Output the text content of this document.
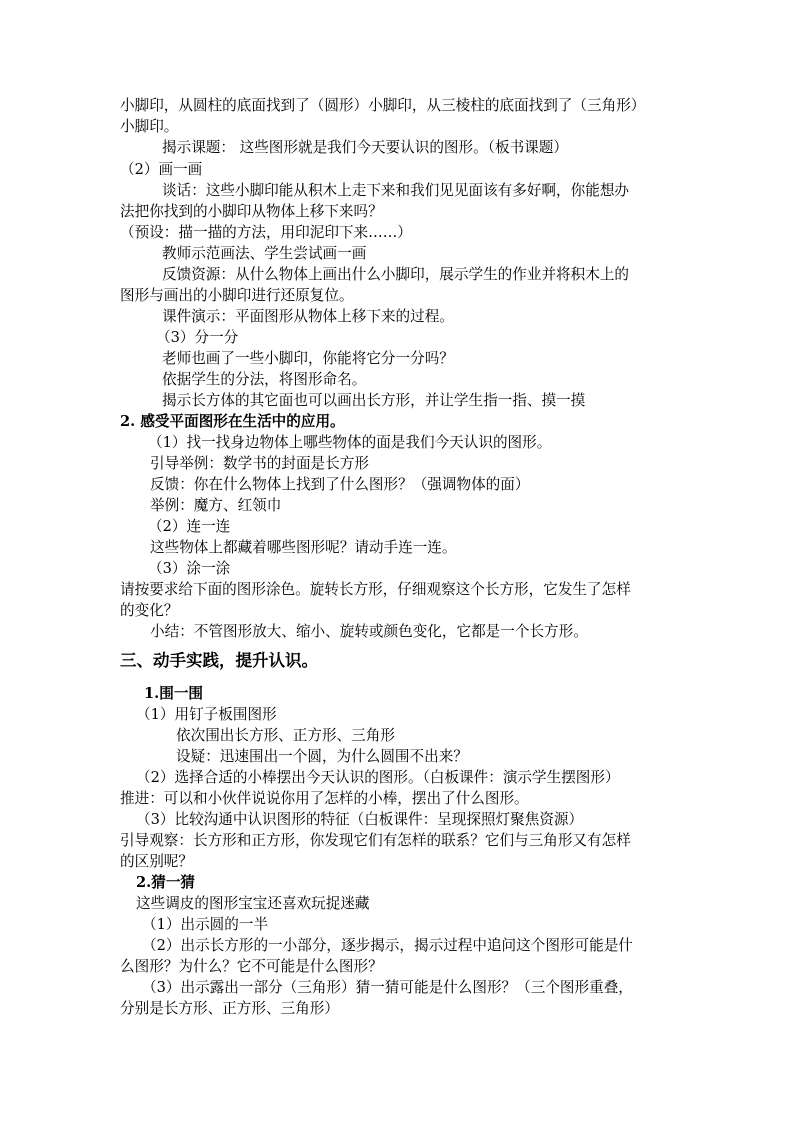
小脚印，从圆柱的底面找到了（圆形）小脚印，从三棱柱的底面找到了（三角形）
小脚印。
揭示课题： 这些图形就是我们今天要认识的图形。（板书课题）
（2）画一画
谈话：这些小脚印能从积木上走下来和我们见见面该有多好啊，你能想办
法把你找到的小脚印从物体上移下来吗？
（预设：描一描的方法，用印泥印下来……）
教师示范画法、学生尝试画一画
反馈资源：从什么物体上画出什么小脚印，展示学生的作业并将积木上的
图形与画出的小脚印进行还原复位。
课件演示：平面图形从物体上移下来的过程。
（3）分一分
老师也画了一些小脚印，你能将它分一分吗？
依据学生的分法，将图形命名。
揭示长方体的其它面也可以画出长方形，并让学生指一指、摸一摸
2. 感受平面图形在生活中的应用。
（1）找一找身边物体上哪些物体的面是我们今天认识的图形。
引导举例：数学书的封面是长方形
反馈：你在什么物体上找到了什么图形？（强调物体的面）
举例：魔方、红领巾
（2）连一连
这些物体上都藏着哪些图形呢？请动手连一连。
（3）涂一涂
请按要求给下面的图形涂色。旋转长方形，仔细观察这个长方形，它发生了怎样
的变化？
小结：不管图形放大、缩小、旋转或颜色变化，它都是一个长方形。
三、动手实践，提升认识。
1.围一围
（1）用钉子板围图形
依次围出长方形、正方形、三角形
设疑：迅速围出一个圆，为什么圆围不出来？
（2）选择合适的小棒摆出今天认识的图形。（白板课件：演示学生摆图形）
推进：可以和小伙伴说说你用了怎样的小棒，摆出了什么图形。
（3）比较沟通中认识图形的特征（白板课件：呈现探照灯聚焦资源）
引导观察：长方形和正方形，你发现它们有怎样的联系？它们与三角形又有怎样
的区别呢？
2.猜一猜
这些调皮的图形宝宝还喜欢玩捉迷藏
（1）出示圆的一半
（2）出示长方形的一小部分，逐步揭示，揭示过程中追问这个图形可能是什
么图形？为什么？它不可能是什么图形？
（3）出示露出一部分（三角形）猜一猜可能是什么图形？（三个图形重叠，
分别是长方形、正方形、三角形）
